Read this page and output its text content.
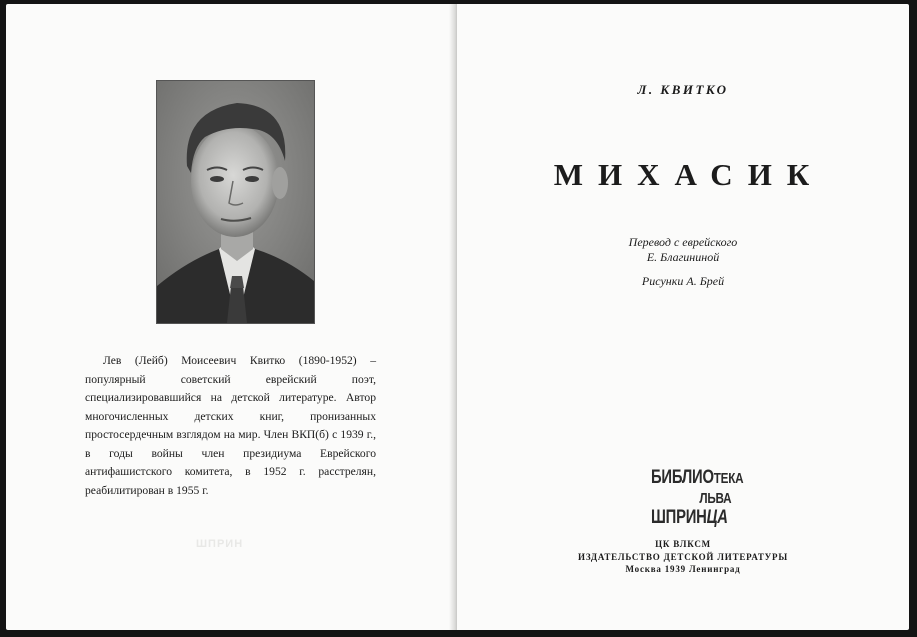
Лев (Лейб) Моисеевич Квитко (1890-1952) – популярный советский еврейский поэт, специализировавшийся на детской литературе. Автор многочисленных детских книг, пронизанных простосердечным взглядом на мир. Член ВКП(б) с 1939 г., в годы войны член президиума Еврейского антифашистского комитета, в 1952 г. расстрелян, реабилитирован в 1955 г.

ШПРИН
Л. КВИТКО
МИХАСИК
Перевод с еврейского
Е. Благининой
Рисунки А. Брей
БИБЛИОТЕКА
ЛЬВА
ШПРИНЦА
ЦК ВЛКСМ
ИЗДАТЕЛЬСТВО ДЕТСКОЙ ЛИТЕРАТУРЫ
Москва 1939 Ленинград
